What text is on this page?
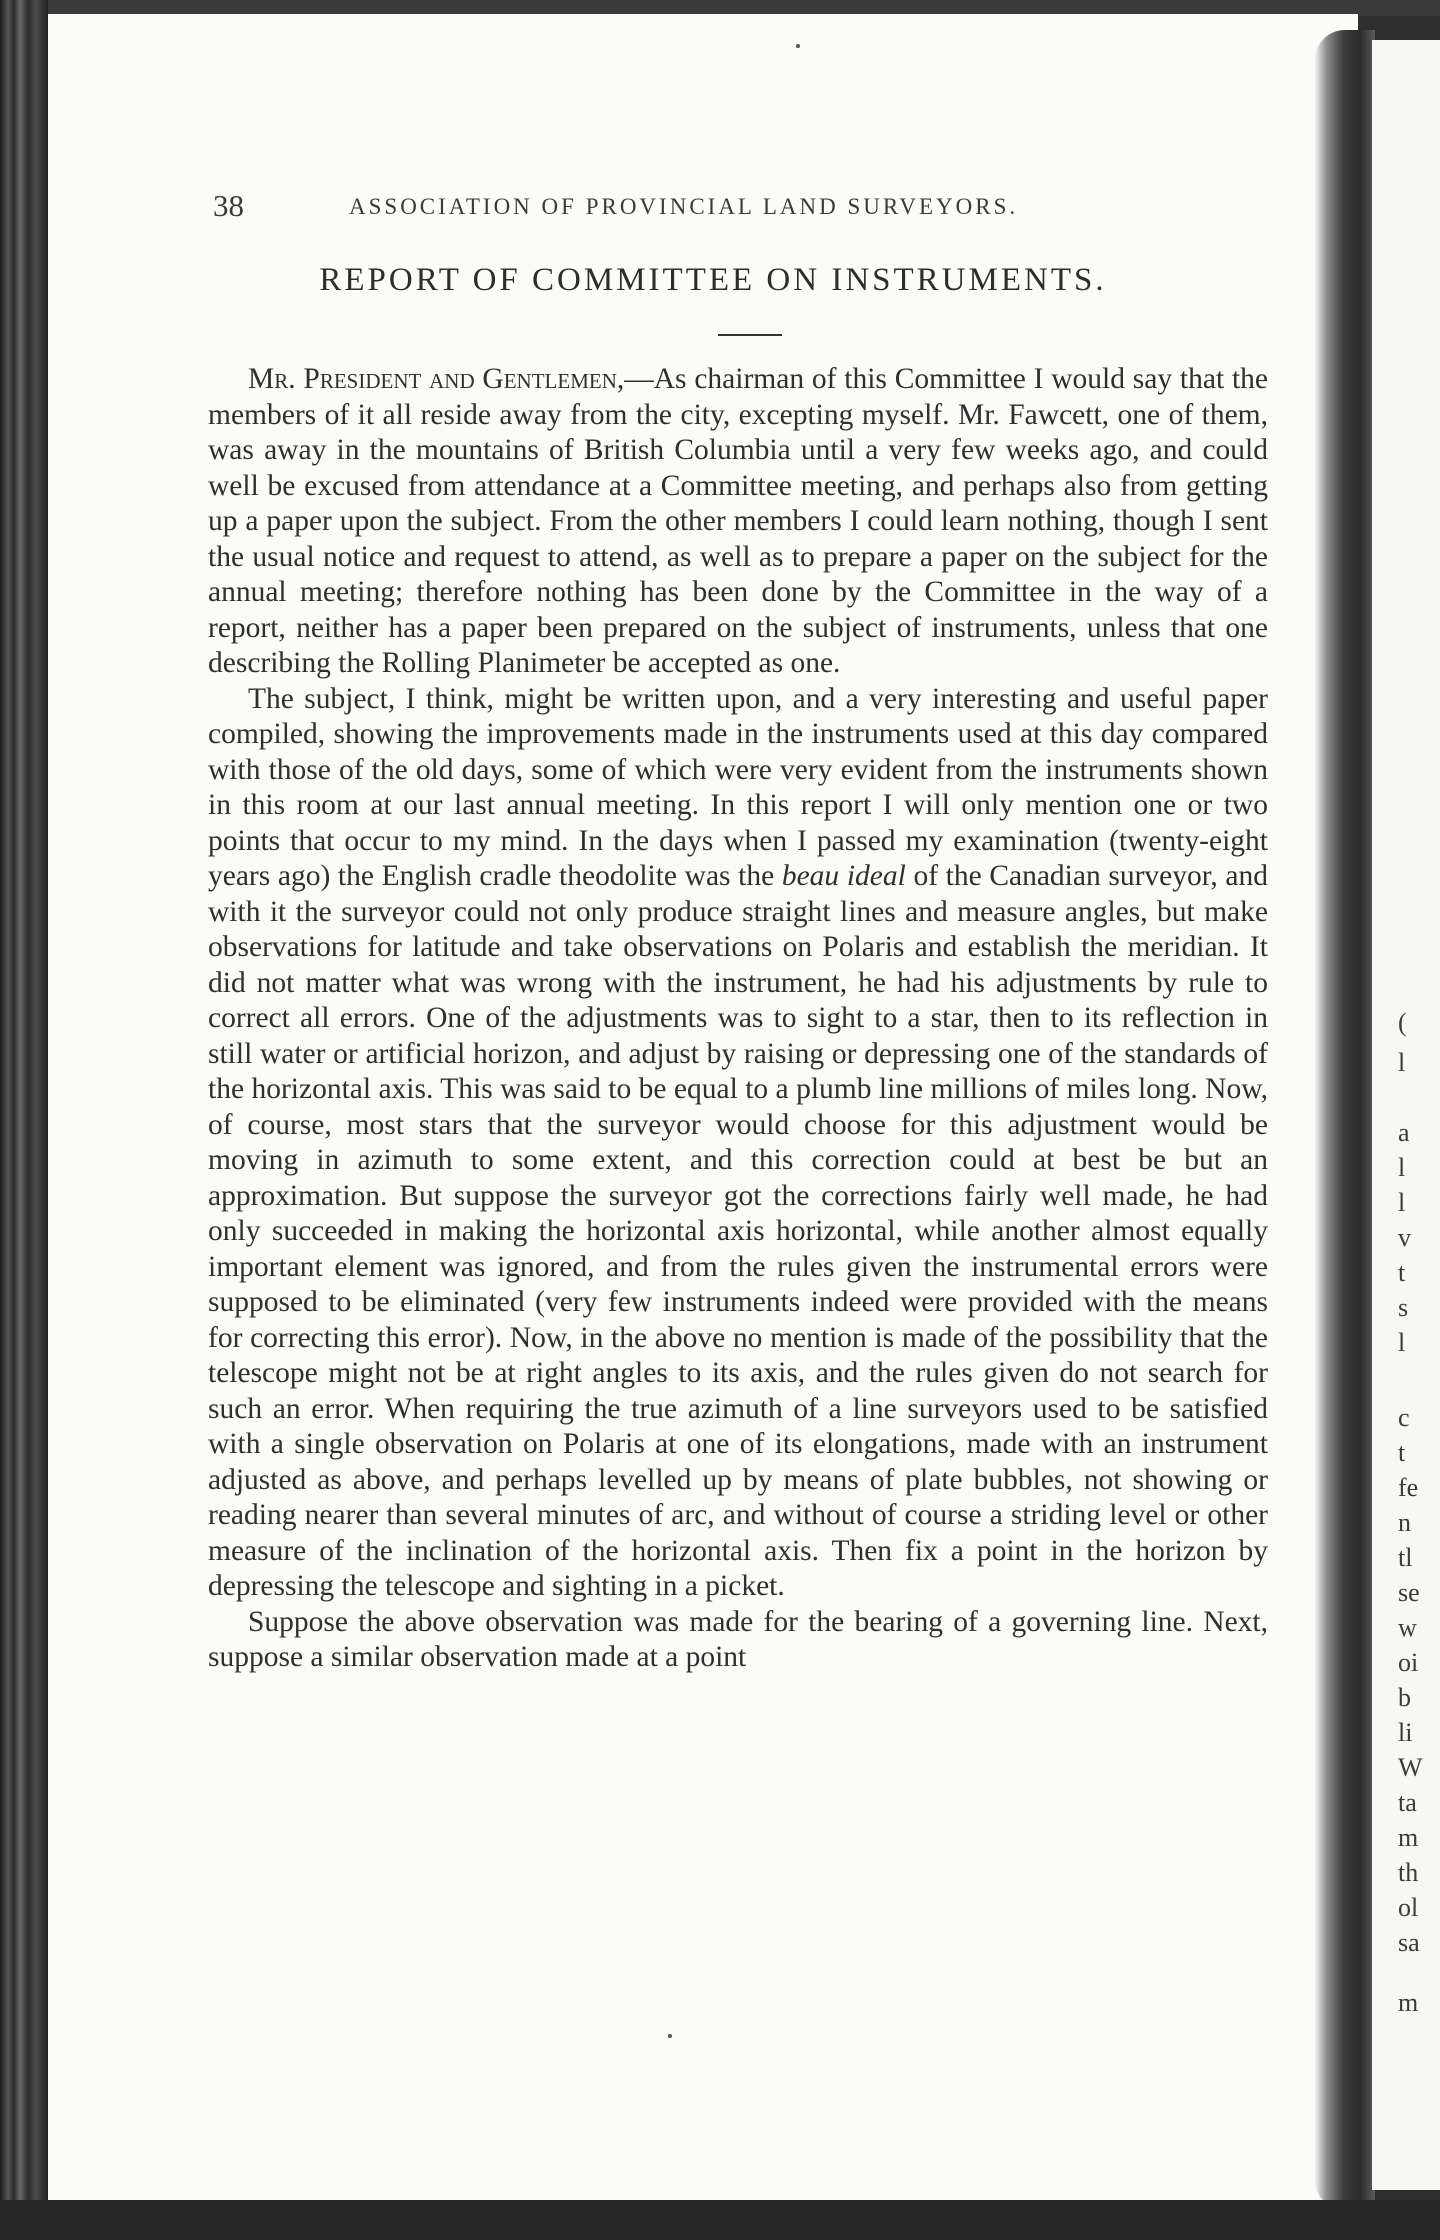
(
l
a
l
l
v
t
s
l
c
t
fe
n
tl
se
w
oi
b
li
W
ta
m
th
ol
sa
m
38	ASSOCIATION OF PROVINCIAL LAND SURVEYORS.
REPORT OF COMMITTEE ON INSTRUMENTS.

Mr. President and Gentlemen,—As chairman of this Committee I would say that the members of it all reside away from the city, excepting myself. Mr. Fawcett, one of them, was away in the mountains of British Columbia until a very few weeks ago, and could well be excused from attendance at a Committee meeting, and perhaps also from getting up a paper upon the subject. From the other members I could learn nothing, though I sent the usual notice and request to attend, as well as to prepare a paper on the subject for the annual meeting; therefore nothing has been done by the Committee in the way of a report, neither has a paper been prepared on the subject of instruments, unless that one describing the Rolling Planimeter be accepted as one.

The subject, I think, might be written upon, and a very interesting and useful paper compiled, showing the improvements made in the instruments used at this day compared with those of the old days, some of which were very evident from the instruments shown in this room at our last annual meeting. In this report I will only mention one or two points that occur to my mind. In the days when I passed my examination (twenty-eight years ago) the English cradle theodolite was the beau ideal of the Canadian surveyor, and with it the surveyor could not only produce straight lines and measure angles, but make observations for latitude and take observations on Polaris and establish the meridian. It did not matter what was wrong with the instrument, he had his adjustments by rule to correct all errors. One of the adjustments was to sight to a star, then to its reflection in still water or artificial horizon, and adjust by raising or depressing one of the standards of the horizontal axis. This was said to be equal to a plumb line millions of miles long. Now, of course, most stars that the surveyor would choose for this adjustment would be moving in azimuth to some extent, and this correction could at best be but an approximation. But suppose the surveyor got the corrections fairly well made, he had only succeeded in making the horizontal axis horizontal, while another almost equally important element was ignored, and from the rules given the instrumental errors were supposed to be eliminated (very few instruments indeed were provided with the means for correcting this error). Now, in the above no mention is made of the possibility that the telescope might not be at right angles to its axis, and the rules given do not search for such an error. When requiring the true azimuth of a line surveyors used to be satisfied with a single observation on Polaris at one of its elongations, made with an instrument adjusted as above, and perhaps levelled up by means of plate bubbles, not showing or reading nearer than several minutes of arc, and without of course a striding level or other measure of the inclination of the horizontal axis. Then fix a point in the horizon by depressing the telescope and sighting in a picket.

Suppose the above observation was made for the bearing of a governing line. Next, suppose a similar observation made at a point
